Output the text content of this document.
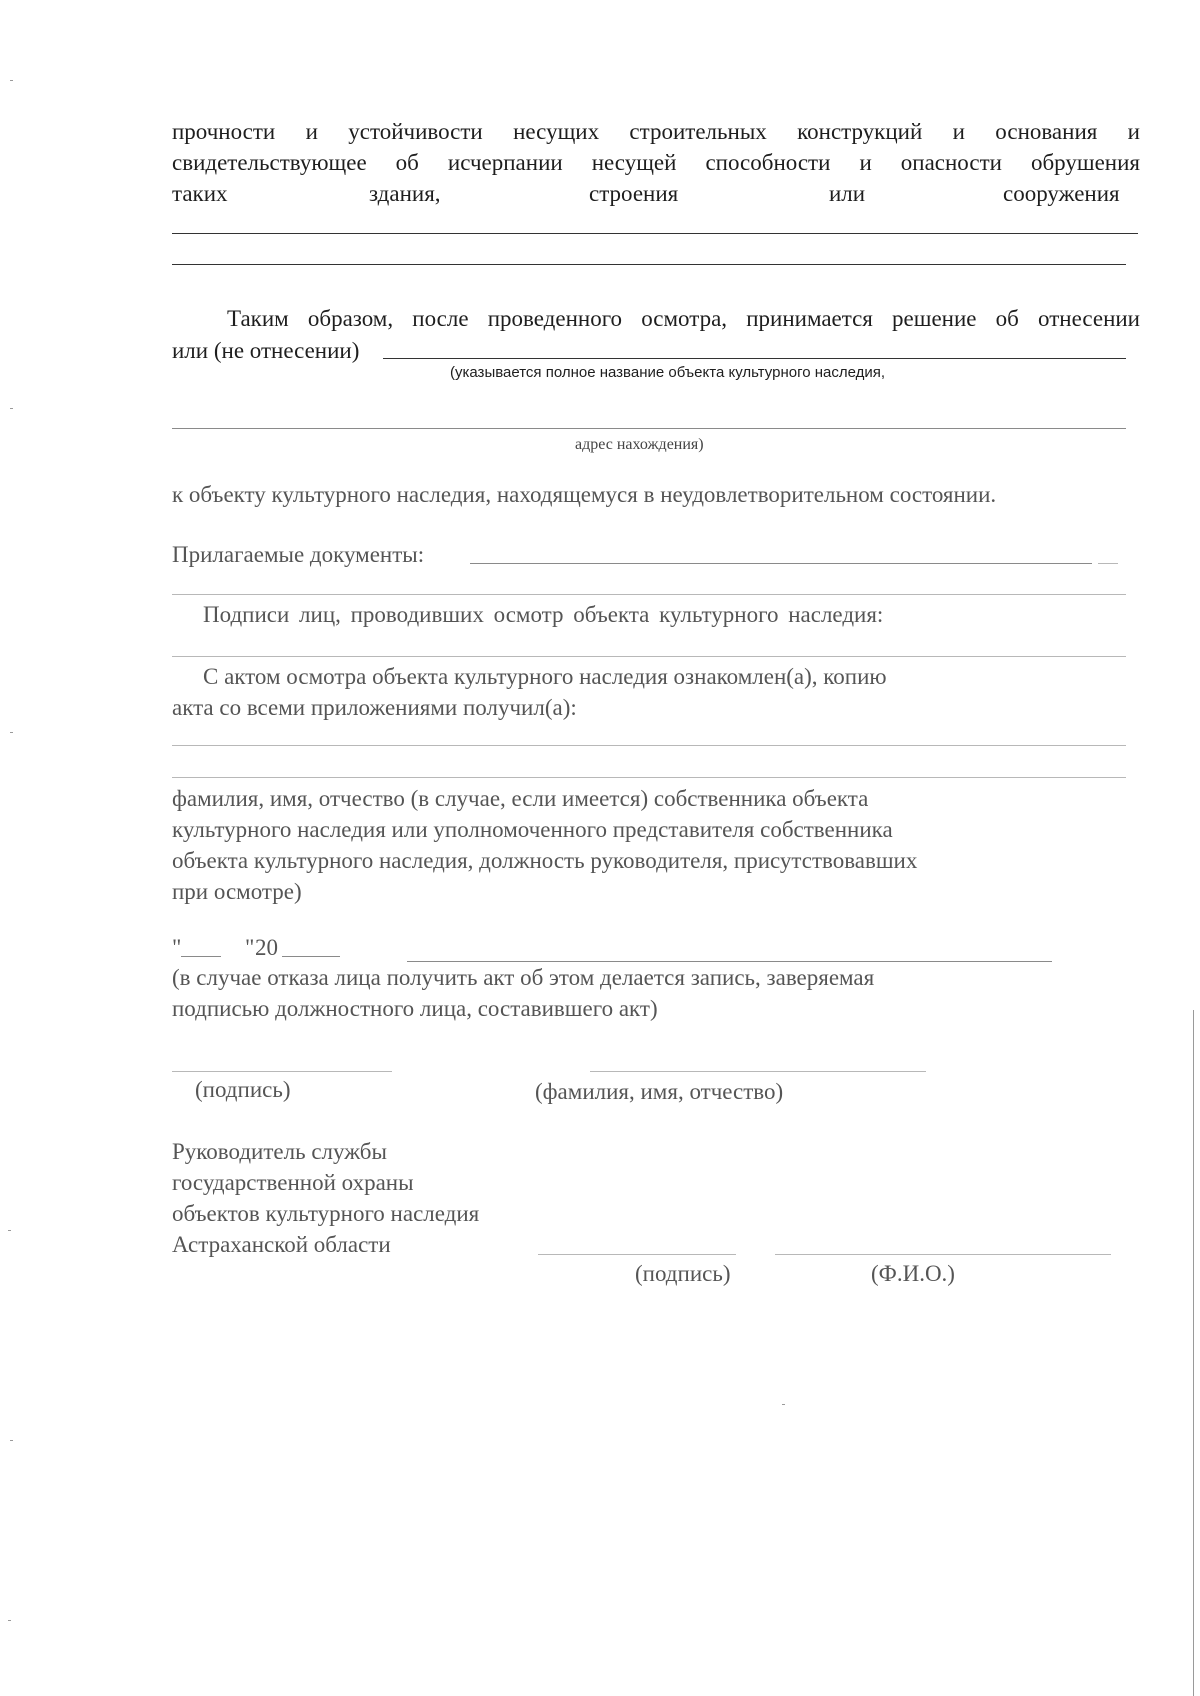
прочности и устойчивости несущих строительных конструкций и основания и
свидетельствующее об исчерпании несущей способности и опасности обрушения
таких	здания,	строения	или	сооружения
Таким образом, после проведенного осмотра, принимается решение об отнесении
или (не отнесении)
(указывается полное название объекта культурного наследия,
адрес нахождения)
к объекту культурного наследия, находящемуся в неудовлетворительном состоянии.
Прилагаемые документы:
Подписи лиц, проводивших осмотр объекта культурного наследия:
С актом осмотра объекта культурного наследия ознакомлен(а), копию
акта со всеми приложениями получил(а):
фамилия, имя, отчество (в случае, если имеется) собственника объекта
культурного наследия или уполномоченного представителя собственника
объекта культурного наследия, должность руководителя, присутствовавших
при осмотре)
"	" 20
(в случае отказа лица получить акт об этом делается запись, заверяемая
подписью должностного лица, составившего акт)
(подпись)	(фамилия, имя, отчество)
Руководитель службы
государственной охраны
объектов культурного наследия
Астраханской области
(подпись)	(Ф.И.О.)
